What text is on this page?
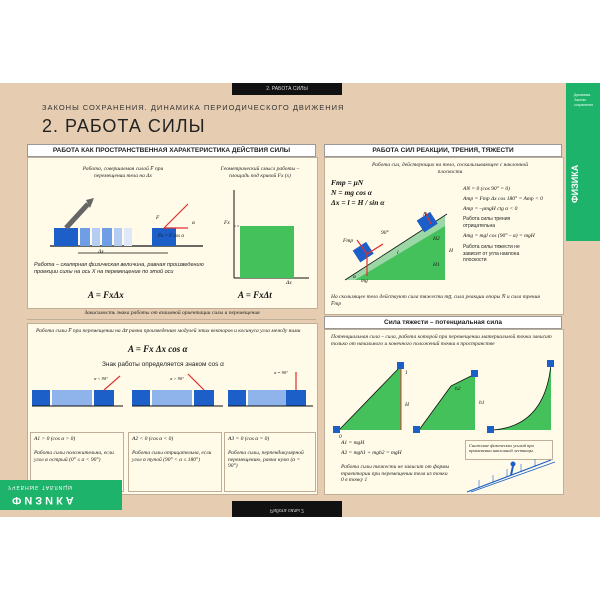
2. РАБОТА СИЛЫ
ЗАКОНЫ СОХРАНЕНИЯ. ДИНАМИКА ПЕРИОДИЧЕСКОГО ДВИЖЕНИЯ
2. РАБОТА СИЛЫ
Динамика. Законы сохранения
ФИЗИКА
РАБОТА КАК ПРОСТРАНСТВЕННАЯ ХАРАКТЕРИСТИКА ДЕЙСТВИЯ СИЛЫ
Работа, совершаемая силой F̅ при перемещении тела на Δx
Геометрический смысл работы – площадь под кривой Fx (x)
Δx
F
α
Fx = F cos α
Работа – скалярная физическая величина, равная произведению проекции силы на ось X на перемещение по этой оси
A = FxΔx
Fx
Δx
A = FxΔt
Зависимость знака работы от взаимной ориентации силы и перемещения
Работа силы F̅ при перемещении на Δx̅ равна произведению модулей этих векторов и косинуса угла между ними
A = Fx Δx cos α
Знак работы определяется знаком cos α
α < 90°	α > 90°
α = 90°
A1 > 0 (cos α > 0)
Работа силы положительна, если угол α острый (0° ≤ α < 90°)
A2 < 0 (cos α < 0)
Работа силы отрицательна, если угол α тупой (90° < α ≤ 180°)
A3 = 0 (cos α = 0)
Работа силы, перпендикулярной перемещению, равна нулю (α = 90°)
РАБОТА СИЛ РЕАКЦИИ, ТРЕНИЯ, ТЯЖЕСТИ
Работа сил, действующих на тело, соскальзывающее с наклонной плоскости
Fтр = μN
N = mg cos α
Δx = l = H / sin α
N
mg
Fтр
H
H1
H2
l
90°
α
AN = 0 (cos 90° = 0)
Aтр = Fтр Δx cos 180° = Aтр < 0
Aтр = –μmgH ctg α < 0
Работа силы трения отрицательна
Amg = mgl cos (90° – α) = mgH
Работа силы тяжести не зависит от угла наклона плоскости
На скользящее тело действуют сила тяжести mg̅, сила реакции опоры N̅ и сила трения F̅тр
Сила тяжести – потенциальная сила
Потенциальная сила – сила, работа которой при перемещении материальной точки зависит только от начального и конечного положений точки в пространстве
0
1
H	h1
h2
A1 = mgH
A2 = mgh1 + mgh2 = mgH
Работа силы тяжести не зависит от формы траектории при перемещении тела из точки 0 в точку 1
Снижение физических усилий при применении наклонной лестницы
УЧЕБНЫЕ ТАБЛИЦЫ
ФИЗИКА
Работа силы 2
